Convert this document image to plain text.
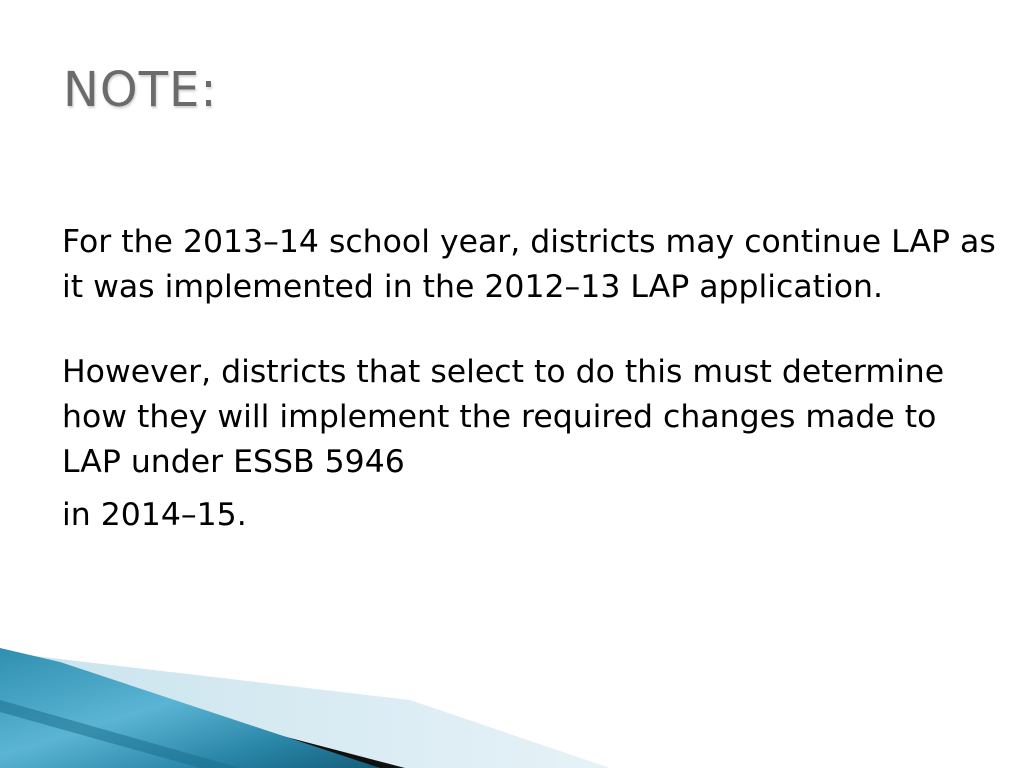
NOTE:

For the 2013–14 school year, districts may continue LAP as it was implemented in the 2012–13 LAP application.

However, districts that select to do this must determine how they will implement the required changes made to LAP under ESSB 5946

in 2014–15.
